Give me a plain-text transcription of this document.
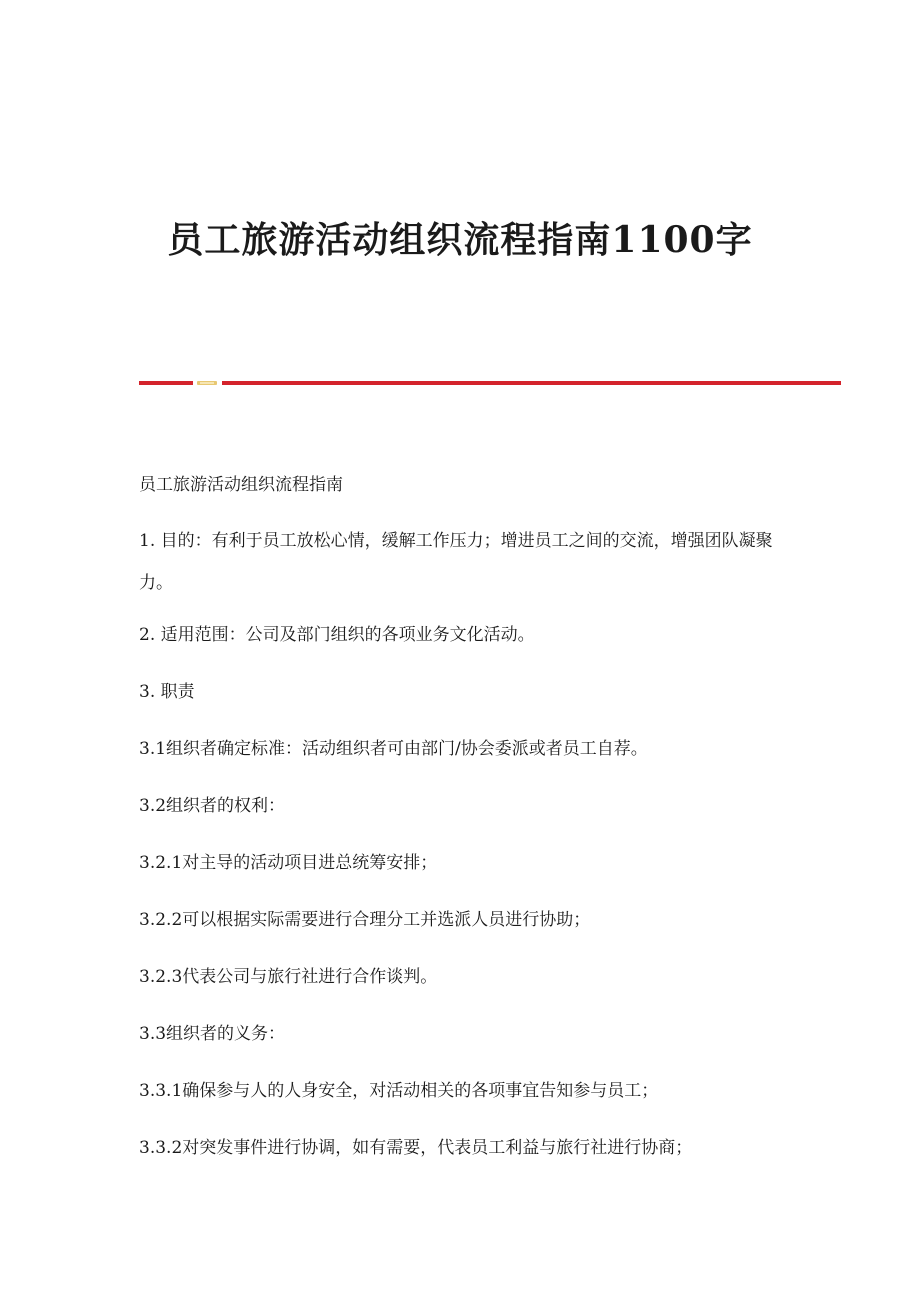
员工旅游活动组织流程指南1100字

员工旅游活动组织流程指南

1. 目的：有利于员工放松心情，缓解工作压力；增进员工之间的交流，增强团队凝聚力。

2. 适用范围：公司及部门组织的各项业务文化活动。

3. 职责

3.1组织者确定标准：活动组织者可由部门/协会委派或者员工自荐。

3.2组织者的权利：

3.2.1对主导的活动项目进总统筹安排；

3.2.2可以根据实际需要进行合理分工并选派人员进行协助；

3.2.3代表公司与旅行社进行合作谈判。

3.3组织者的义务：

3.3.1确保参与人的人身安全，对活动相关的各项事宜告知参与员工；

3.3.2对突发事件进行协调，如有需要，代表员工利益与旅行社进行协商；
